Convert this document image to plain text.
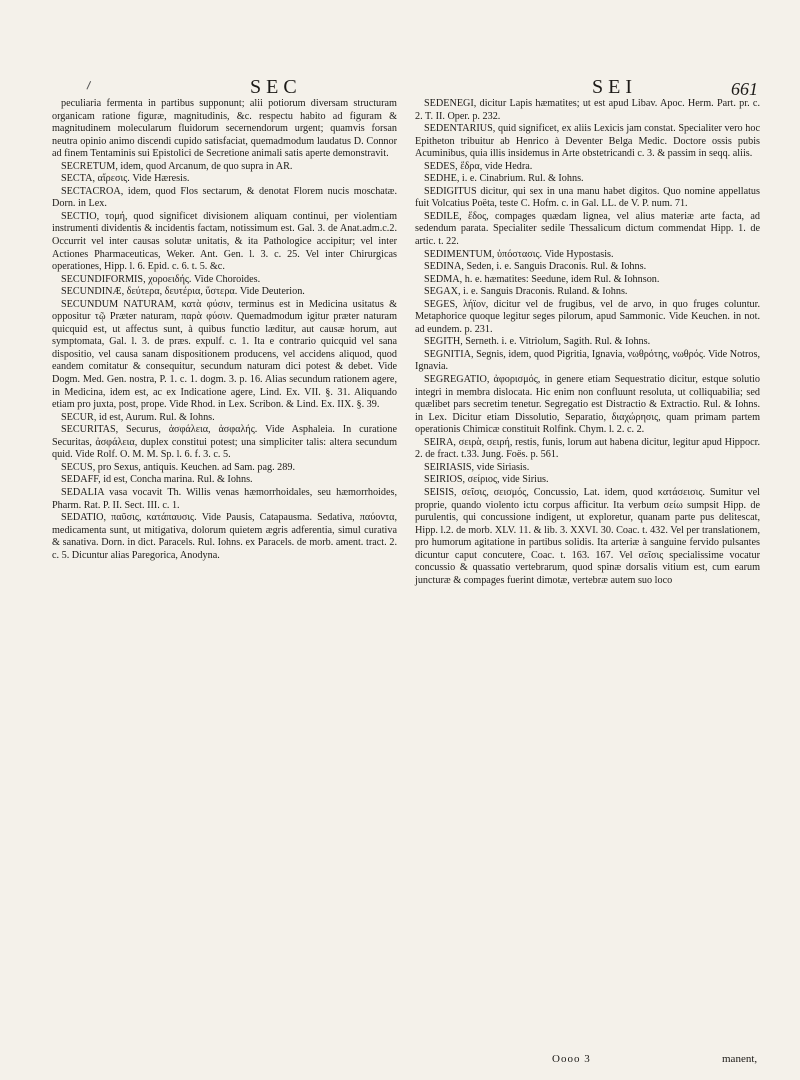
SEC	SEI	661

peculiaria fermenta in partibus supponunt; alii potiorum diversam structuram organicam ratione figuræ, magnitudinis, &c. respectu habito ad figuram & magnitudinem molecularum fluidorum secernendorum urgent; quamvis forsan neutra opinio animo discendi cupido satisfaciat, quemadmodum laudatus D. Connor ad finem Tentaminis sui Epistolici de Secretione animali satis aperte demonstravit.

SECRETUM, idem, quod Arcanum, de quo supra in AR.

SECTA, αἵρεσις. Vide Hæresis.

SECTACROA, idem, quod Flos sectarum, & denotat Florem nucis moschatæ. Dorn. in Lex.

SECTIO, τομή, quod significet divisionem aliquam continui, per violentiam instrumenti dividentis & incidentis factam, notissimum est. Gal. 3. de Anat.adm.c.2. Occurrit vel inter causas solutæ unitatis, & ita Pathologice accipitur; vel inter Actiones Pharmaceuticas, Weker. Ant. Gen. l. 3. c. 25. Vel inter Chirurgicas operationes, Hipp. l. 6. Epid. c. 6. t. 5. &c.

SECUNDIFORMIS, χοροειδής. Vide Choroides.

SECUNDINÆ, δεύτερα, δευτέρια, ὕστερα. Vide Deuterion.

SECUNDUM NATURAM, κατὰ φύσιν, terminus est in Medicina usitatus & oppositur τῷ Præter naturam, παρὰ φύσιν. Quemadmodum igitur præter naturam quicquid est, ut affectus sunt, à quibus functio læditur, aut causæ horum, aut symptomata, Gal. l. 3. de præs. expulf. c. 1. Ita e contrario quicquid vel sana dispositio, vel causa sanam dispositionem producens, vel accidens aliquod, quod eandem comitatur & consequitur, secundum naturam dici potest & debet. Vide Dogm. Med. Gen. nostra, P. 1. c. 1. dogm. 3. p. 16. Alias secundum rationem agere, in Medicina, idem est, ac ex Indicatione agere, Lind. Ex. VII. §. 31. Aliquando etiam pro juxta, post, prope. Vide Rhod. in Lex. Scribon. & Lind. Ex. IIX. §. 39.

SECUR, id est, Aurum. Rul. & Iohns.

SECURITAS, Securus, ἀσφάλεια, ἀσφαλής. Vide Asphaleia. In curatione Securitas, ἀσφάλεια, duplex constitui potest; una simpliciter talis: altera secundum quid. Vide Rolf. O. M. M. Sp. l. 6. f. 3. c. 5.

SECUS, pro Sexus, antiquis. Keuchen. ad Sam. pag. 289.

SEDAFF, id est, Concha marina. Rul. & Iohns.

SEDALIA vasa vocavit Th. Willis venas hæmorrhoidales, seu hæmorrhoides, Pharm. Rat. P. II. Sect. III. c. 1.

SEDATIO, παῦσις, κατάπαυσις. Vide Pausis, Catapausma. Sedativa, παύοντα, medicamenta sunt, ut mitigativa, dolorum quietem ægris adferentia, simul curativa & sanativa. Dorn. in dict. Paracels. Rul. Iohns. ex Paracels. de morb. ament. tract. 2. c. 5. Dicuntur alias Paregorica, Anodyna.

SEDENEGI, dicitur Lapis hæmatites; ut est apud Libav. Apoc. Herm. Part. pr. c. 2. T. II. Oper. p. 232.

SEDENTARIUS, quid significet, ex aliis Lexicis jam constat. Specialiter vero hoc Epitheton tribuitur ab Henrico à Deventer Belga Medic. Doctore ossis pubis Acuminibus, quia illis insidemus in Arte obstetricandi c. 3. & passim in seqq. aliis.

SEDES, ἕδρα, vide Hedra.

SEDHE, i. e. Cinabrium. Rul. & Iohns.

SEDIGITUS dicitur, qui sex in una manu habet digitos. Quo nomine appellatus fuit Volcatius Poëta, teste C. Hofm. c. in Gal. LL. de V. P. num. 71.

SEDILE, ἕδος, compages quædam lignea, vel alius materiæ arte facta, ad sedendum parata. Specialiter sedile Thessalicum dictum commendat Hipp. 1. de artic. t. 22.

SEDIMENTUM, ὑπόστασις. Vide Hypostasis.

SEDINA, Seden, i. e. Sanguis Draconis. Rul. & Iohns.

SEDMA, h. e. hæmatites: Seedune, idem Rul. & Iohnson.

SEGAX, i. e. Sanguis Draconis. Ruland. & Iohns.

SEGES, λήϊον, dicitur vel de frugibus, vel de arvo, in quo fruges coluntur. Metaphorice quoque legitur seges pilorum, apud Sammonic. Vide Keuchen. in not. ad eundem. p. 231.

SEGITH, Serneth. i. e. Vitriolum, Sagith. Rul. & Iohns.

SEGNITIA, Segnis, idem, quod Pigritia, Ignavia, νωθρότης, νωθρός. Vide Notros, Ignavia.

SEGREGATIO, ἀφορισμός, in genere etiam Sequestratio dicitur, estque solutio integri in membra dislocata. Hic enim non confluunt resoluta, ut colliquabilia; sed quælibet pars secretim tenetur. Segregatio est Distractio & Extractio. Rul. & Iohns. in Lex. Dicitur etiam Dissolutio, Separatio, διαχώρησις, quam primam partem operationis Chimicæ constituit Rolfink. Chym. l. 2. c. 2.

SEIRA, σειρὰ, σειρή, restis, funis, lorum aut habena dicitur, legitur apud Hippocr. 2. de fract. t.33. Jung. Foës. p. 561.

SEIRIASIS, vide Siriasis.

SEIRIOS, σείριος, vide Sirius.

SEISIS, σεῖσις, σεισμός, Concussio, Lat. idem, quod κατάσεισις. Sumitur vel proprie, quando violento ictu corpus afficitur. Ita verbum σείω sumpsit Hipp. de purulentis, qui concussione indigent, ut exploretur, quanam parte pus delitescat, Hipp. l.2. de morb. XLV. 11. & lib. 3. XXVI. 30. Coac. t. 432. Vel per translationem, pro humorum agitatione in partibus solidis. Ita arteriæ à sanguine fervido pulsantes dicuntur caput concutere, Coac. t. 163. 167. Vel σεῖσις specialissime vocatur concussio & quassatio vertebrarum, quod spinæ dorsalis vitium est, cum earum juncturæ & compages fuerint dimotæ, vertebræ autem suo loco

Oooo 3	manent,
